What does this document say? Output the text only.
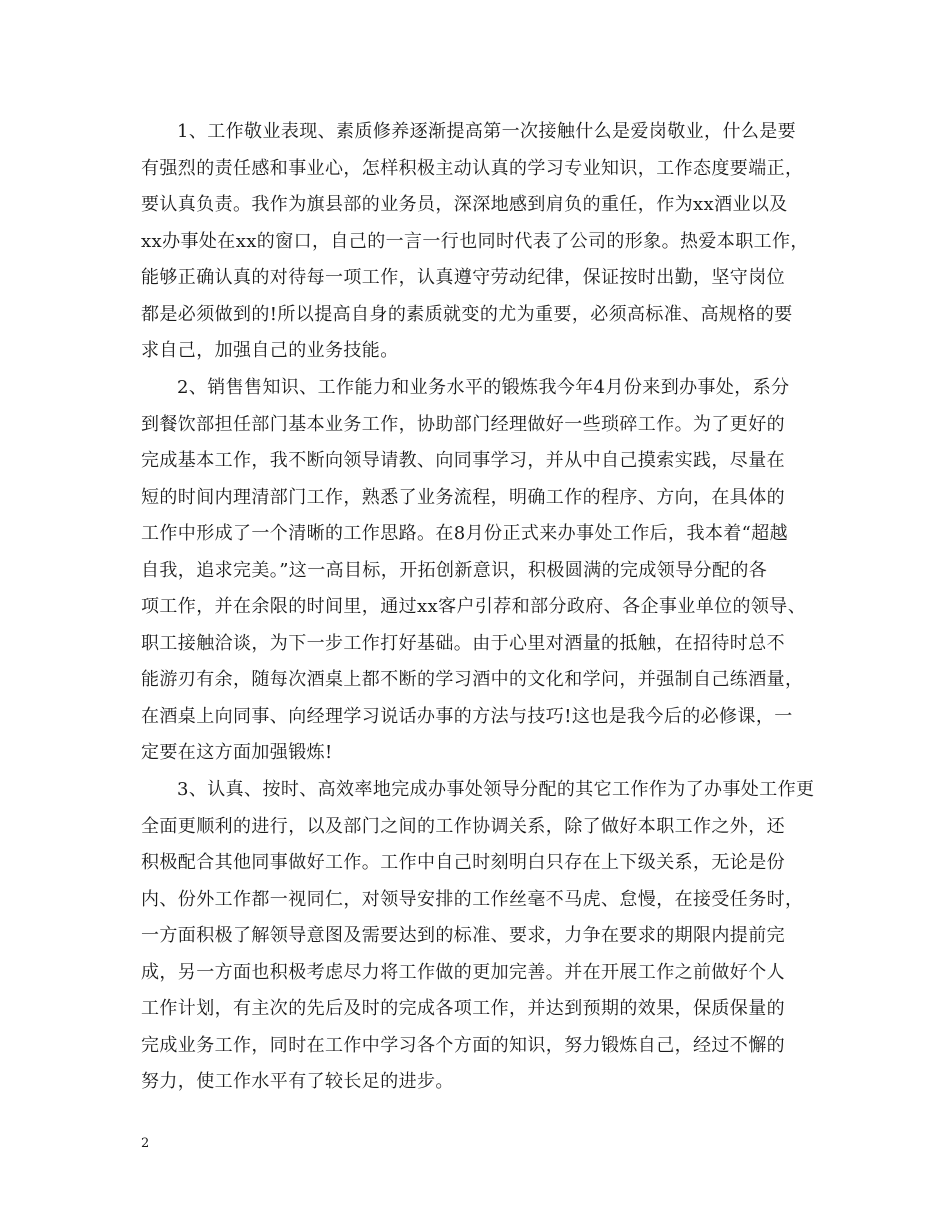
1、工作敬业表现、素质修养逐渐提高第一次接触什么是爱岗敬业，什么是要
有强烈的责任感和事业心，怎样积极主动认真的学习专业知识，工作态度要端正，
要认真负责。我作为旗县部的业务员，深深地感到肩负的重任，作为xx酒业以及
xx办事处在xx的窗口，自己的一言一行也同时代表了公司的形象。热爱本职工作，
能够正确认真的对待每一项工作，认真遵守劳动纪律，保证按时出勤，坚守岗位
都是必须做到的!所以提高自身的素质就变的尤为重要，必须高标准、高规格的要
求自己，加强自己的业务技能。
2、销售售知识、工作能力和业务水平的锻炼我今年4月份来到办事处，系分
到餐饮部担任部门基本业务工作，协助部门经理做好一些琐碎工作。为了更好的
完成基本工作，我不断向领导请教、向同事学习，并从中自己摸索实践，尽量在
短的时间内理清部门工作，熟悉了业务流程，明确工作的程序、方向，在具体的
工作中形成了一个清晰的工作思路。在8月份正式来办事处工作后，我本着“超越
自我，追求完美。”这一高目标，开拓创新意识，积极圆满的完成领导分配的各
项工作，并在余限的时间里，通过xx客户引荐和部分政府、各企事业单位的领导、
职工接触洽谈，为下一步工作打好基础。由于心里对酒量的抵触，在招待时总不
能游刃有余，随每次酒桌上都不断的学习酒中的文化和学问，并强制自己练酒量，
在酒桌上向同事、向经理学习说话办事的方法与技巧!这也是我今后的必修课，一
定要在这方面加强锻炼!
3、认真、按时、高效率地完成办事处领导分配的其它工作作为了办事处工作更
全面更顺利的进行，以及部门之间的工作协调关系，除了做好本职工作之外，还
积极配合其他同事做好工作。工作中自己时刻明白只存在上下级关系，无论是份
内、份外工作都一视同仁，对领导安排的工作丝毫不马虎、怠慢，在接受任务时，
一方面积极了解领导意图及需要达到的标准、要求，力争在要求的期限内提前完
成，另一方面也积极考虑尽力将工作做的更加完善。并在开展工作之前做好个人
工作计划，有主次的先后及时的完成各项工作，并达到预期的效果，保质保量的
完成业务工作，同时在工作中学习各个方面的知识，努力锻炼自己，经过不懈的
努力，使工作水平有了较长足的进步。
2
